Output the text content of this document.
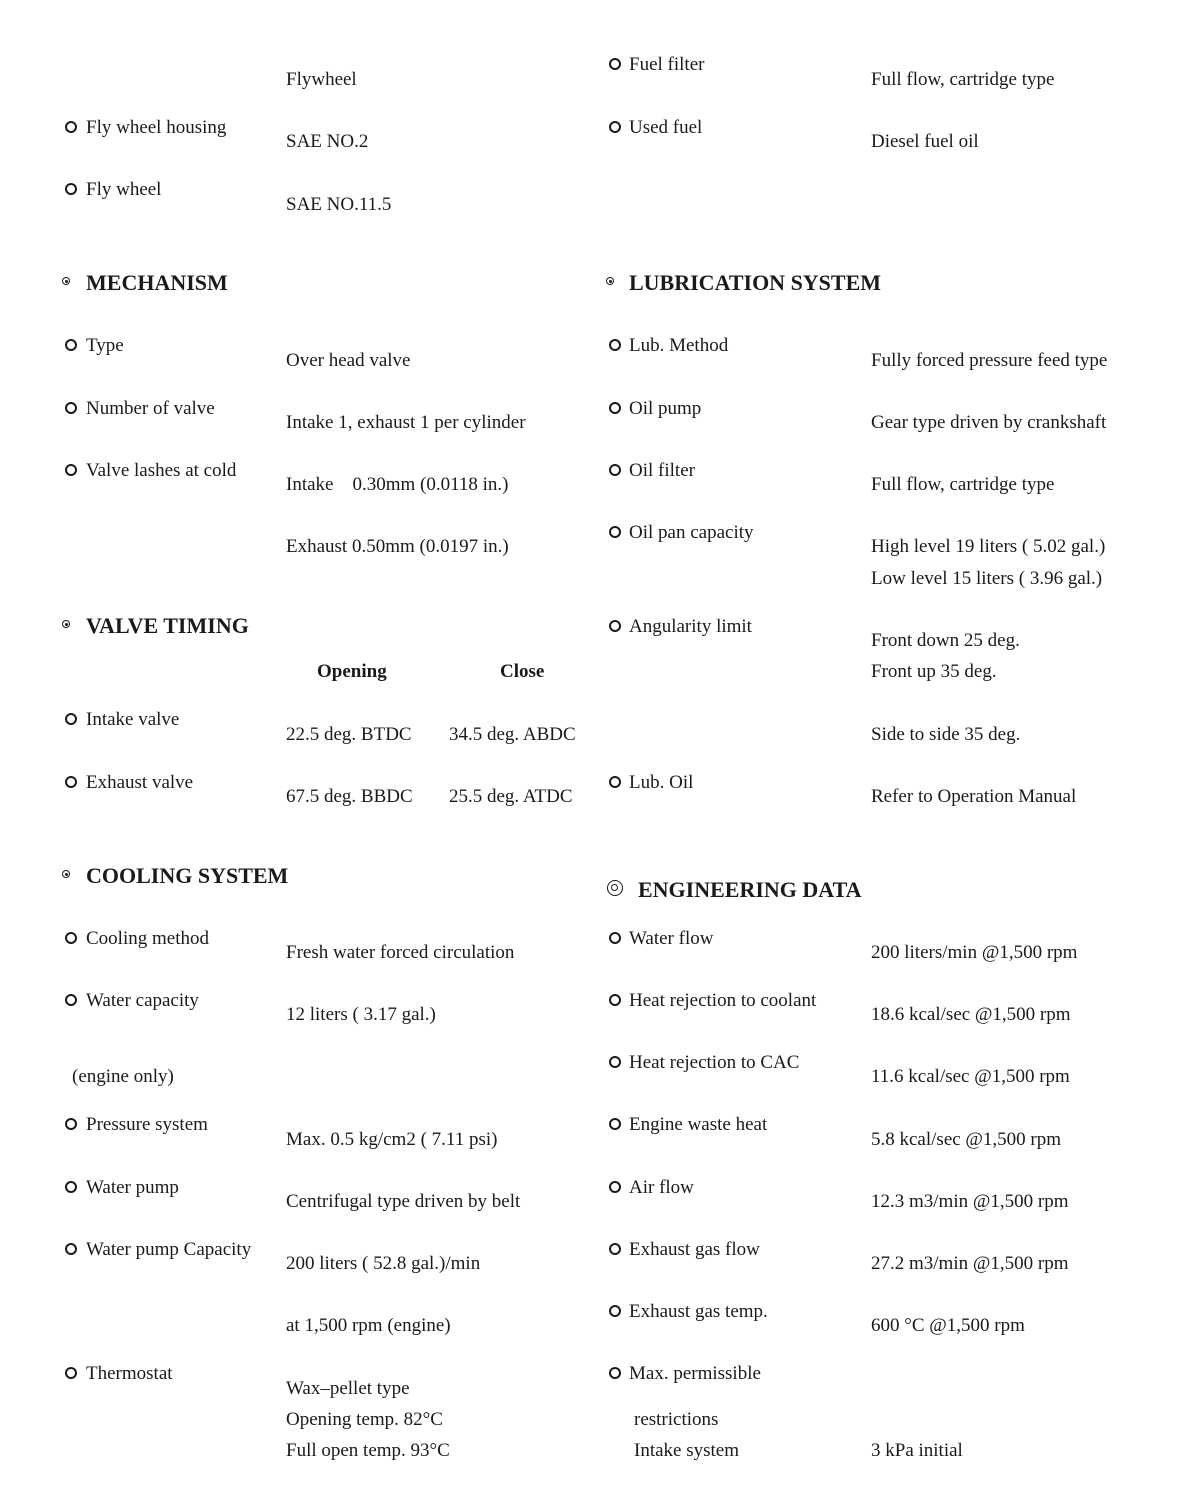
Flywheel
Fly wheel housing
SAE NO.2
Fly wheel
SAE NO.11.5
Fuel filter
Full flow, cartridge type
Used fuel
Diesel fuel oil
MECHANISM
Type
Over head valve
Number of valve
Intake 1, exhaust 1 per cylinder
Valve lashes at cold
Intake    0.30mm (0.0118 in.)
Exhaust 0.50mm (0.0197 in.)
LUBRICATION SYSTEM
Lub. Method
Fully forced pressure feed type
Oil pump
Gear type driven by crankshaft
Oil filter
Full flow, cartridge type
Oil pan capacity
High level 19 liters ( 5.02 gal.)
Low level 15 liters ( 3.96 gal.)
Angularity limit
Front down 25 deg.
Front up 35 deg.
Side to side 35 deg.
Lub. Oil
Refer to Operation Manual
VALVE TIMING
Opening	Close
Intake valve
22.5 deg. BTDC 34.5 deg. ABDC
Exhaust valve
67.5 deg. BBDC 25.5 deg. ATDC
COOLING SYSTEM
Cooling method
Fresh water forced circulation
Water capacity
12 liters ( 3.17 gal.)
(engine only)
Pressure system
Max. 0.5 kg/cm2 ( 7.11 psi)
Water pump
Centrifugal type driven by belt
Water pump Capacity
200 liters ( 52.8 gal.)/min
at 1,500 rpm (engine)
Thermostat
Wax–pellet type
Opening temp. 82°C
Full open temp. 93°C
ENGINEERING DATA
Water flow
200 liters/min @1,500 rpm
Heat rejection to coolant
18.6 kcal/sec @1,500 rpm
Heat rejection to CAC
11.6 kcal/sec @1,500 rpm
Engine waste heat
5.8 kcal/sec @1,500 rpm
Air flow
12.3 m3/min @1,500 rpm
Exhaust gas flow
27.2 m3/min @1,500 rpm
Exhaust gas temp.
600 °C @1,500 rpm
Max. permissible
restrictions
Intake system	3 kPa initial
